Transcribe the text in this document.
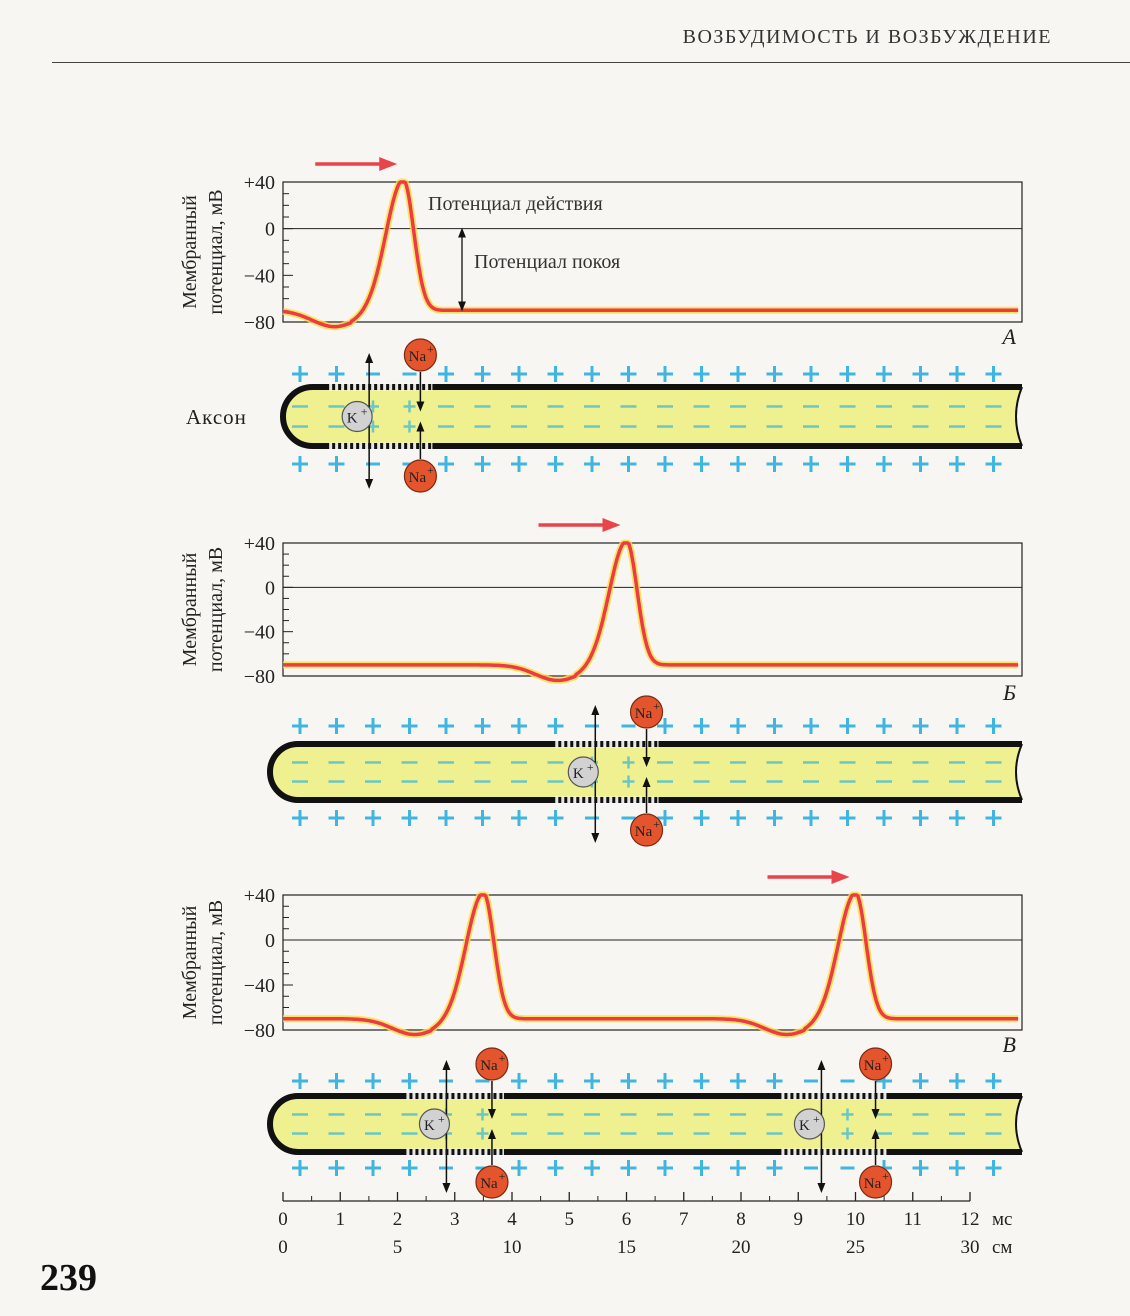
ВОЗБУДИМОСТЬ И ВОЗБУЖДЕНИЕ
+40
0
−40
−80
Мембранный потенциал, мВ
А
Потенциал действия
Потенциал покоя
Аксон	K +
Na +
Na +
+40
0
−40
−80
Мембранный потенциал, мВ
Б
K +
Na +
Na +
+40
0
−40
−80
Мембранный потенциал, мВ
В
K +
Na +
Na +
K +
Na +
Na +
0	1	2	3	4	5	6	7	8	9 10 11 12 мс
0	5	10	15	20	25	30 см
239
